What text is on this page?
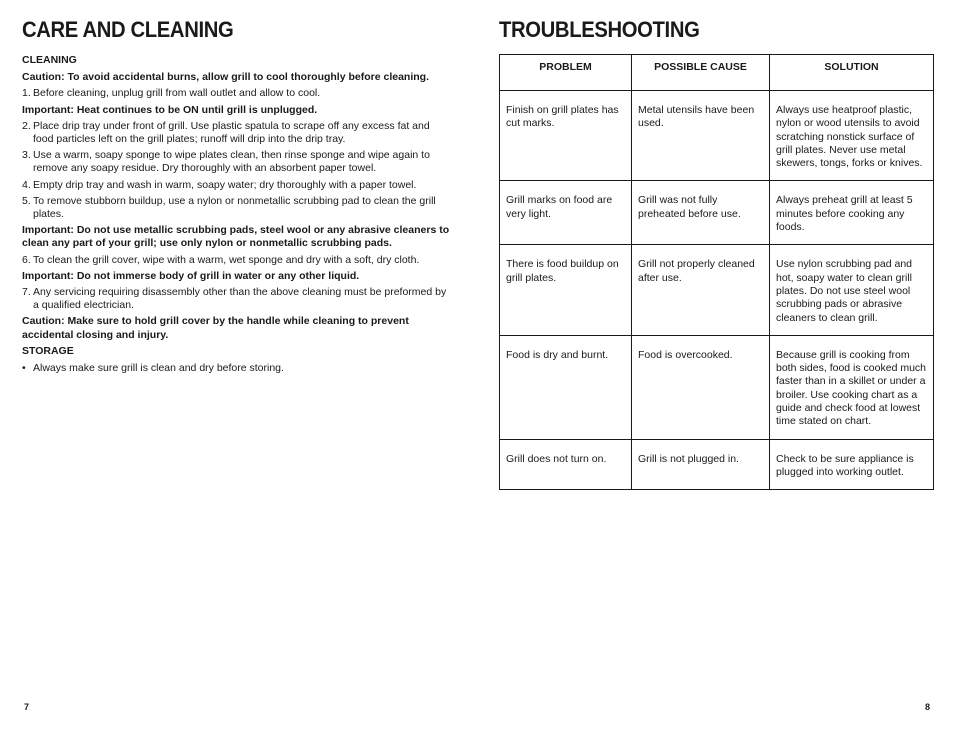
CARE AND CLEANING

CLEANING

Caution: To avoid accidental burns, allow grill to cool thoroughly before cleaning.

1. Before cleaning, unplug grill from wall outlet and allow to cool.

Important: Heat continues to be ON until grill is unplugged.

2. Place drip tray under front of grill. Use plastic spatula to scrape off any excess fat and food particles left on the grill plates; runoff will drip into the drip tray.

3. Use a warm, soapy sponge to wipe plates clean, then rinse sponge and wipe again to remove any soapy residue. Dry thoroughly with an absorbent paper towel.

4. Empty drip tray and wash in warm, soapy water; dry thoroughly with a paper towel.

5. To remove stubborn buildup, use a nylon or nonmetallic scrubbing pad to clean the grill plates.

Important: Do not use metallic scrubbing pads, steel wool or any abrasive cleaners to clean any part of your grill; use only nylon or nonmetallic scrubbing pads.

6. To clean the grill cover, wipe with a warm, wet sponge and dry with a soft, dry cloth.

Important: Do not immerse body of grill in water or any other liquid.

7. Any servicing requiring disassembly other than the above cleaning must be preformed by a qualified electrician.

Caution: Make sure to hold grill cover by the handle while cleaning to prevent accidental closing and injury.

STORAGE

• Always make sure grill is clean and dry before storing.

7
TROUBLESHOOTING
PROBLEM	POSSIBLE CAUSE	SOLUTION
Finish on grill plates has cut marks.	Metal utensils have been used.	Always use heatproof plastic, nylon or wood utensils to avoid scratching nonstick surface of grill plates. Never use metal skewers, tongs, forks or knives.
Grill marks on food are very light.	Grill was not fully preheated before use.	Always preheat grill at least 5 minutes before cooking any foods.
There is food buildup on grill plates.	Grill not properly cleaned after use.	Use nylon scrubbing pad and hot, soapy water to clean grill plates. Do not use steel wool scrubbing pads or abrasive cleaners to clean grill.
Food is dry and burnt.	Food is overcooked.	Because grill is cooking from both sides, food is cooked much faster than in a skillet or under a broiler. Use cooking chart as a guide and check food at lowest time stated on chart.
Grill does not turn on.	Grill is not plugged in.	Check to be sure appliance is plugged into working outlet.
8
